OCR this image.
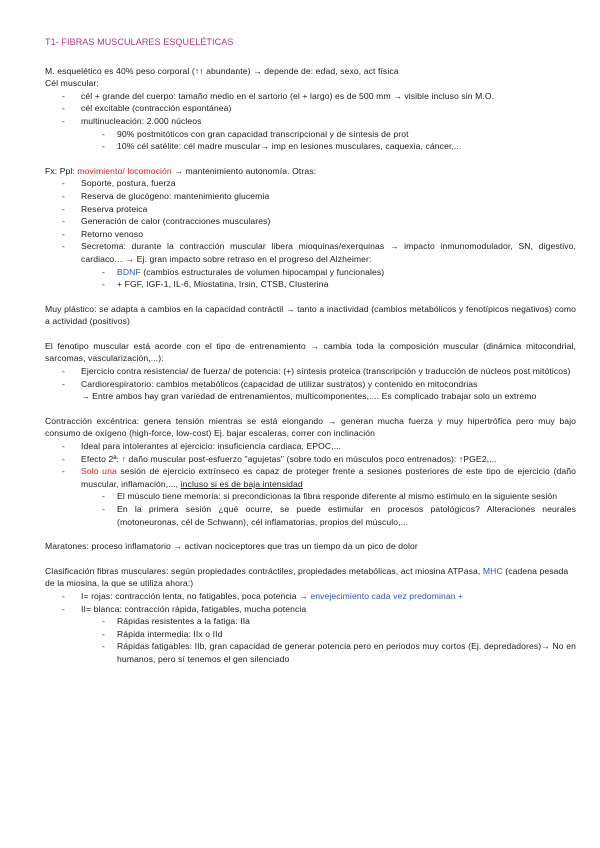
T1- FIBRAS MUSCULARES ESQUELÉTICAS

M. esquelético es 40% peso corporal (↑↑ abundante) → depende de: edad, sexo, act física

Cél muscular:

- cél + grande del cuerpo: tamaño medio en el sartorio (el + largo) es de 500 mm → visible incluso sin M.O.
- cél excitable (contracción espontánea)
- multinucleación: 2.000 núcleos
- 90% postmitóticos con gran capacidad transcripcional y de síntesis de prot
- 10% cél satélite: cél madre muscular→ imp en lesiones musculares, caquexia, cáncer,...

Fx: Ppl: movimiento/ locomoción → mantenimiento autonomía. Otras:

- Soporte, postura, fuerza
- Reserva de glucógeno: mantenimiento glucemia
- Reserva proteica
- Generación de calor (contracciones musculares)
- Retorno venoso
- Secretoma: durante la contracción muscular libera mioquinas/exerquinas → impacto inmunomodulador, SN, digestivo, cardiaco… → Ej. gran impacto sobre retraso en el progreso del Alzheimer:
- BDNF (cambios estructurales de volumen hipocampal y funcionales)
- + FGF, IGF-1, IL-6, Miostatina, Irsin, CTSB, Clusterina

Muy plástico: se adapta a cambios en la capacidad contráctil → tanto a inactividad (cambios metabólicos y fenotípicos negativos) como a actividad (positivos)

El fenotipo muscular está acorde con el tipo de entrenamiento → cambia toda la composición muscular (dinámica mitocondrial, sarcomas, vascularización,...):

- Ejercicio contra resistencia/ de fuerza/ de potencia: (+) síntesis proteica (transcripción y traducción de núcleos post mitóticos)
- Cardiorespiratorio: cambios metabólicos (capacidad de utilizar sustratos) y contenido en mitocondrias

→ Entre ambos hay gran variedad de entrenamientos, multicomponentes,.... Es complicado trabajar solo un extremo

Contracción excéntrica: genera tensión mientras se está elongando → generan mucha fuerza y muy hipertrófica pero muy bajo consumo de oxígeno (high-force, low-cost) Ej. bajar escaleras, correr con inclinación

- Ideal para intolerantes al ejercicio: insuficiencia cardiaca, EPOC,...
- Efecto 2ª: ↑ daño muscular post-esfuerzo "agujetas" (sobre todo en músculos poco entrenados): ↑PGE2,...
- Solo una sesión de ejercicio extrínseco es capaz de proteger frente a sesiones posteriores de este tipo de ejercicio (daño muscular, inflamación,..., incluso si es de baja intensidad
- El músculo tiene memoria: si precondicionas la fibra responde diferente al mismo estímulo en la siguiente sesión
- En la primera sesión ¿qué ocurre, se puede estimular en procesos patológicos? Alteraciones neurales (motoneuronas, cél de Schwann), cél inflamatorias, propios del músculo,...

Maratones: proceso inflamatorio → activan nociceptores que tras un tiempo da un pico de dolor

Clasificación fibras musculares: según propiedades contráctiles, propiedades metabólicas, act miosina ATPasa, MHC (cadena pesada de la miosina, la que se utiliza ahora:)

- I= rojas: contracción lenta, no fatigables, poca potencia → envejecimiento cada vez predominan +
- II= blanca: contracción rápida, fatigables, mucha potencia
- Rápidas resistentes a la fatiga: IIa
- Rápida intermedia: IIx o IId
- Rápidas fatigables: IIb, gran capacidad de generar potencia pero en periodos muy cortos (Ej. depredadores)→ No en humanos, pero sí tenemos el gen silenciado
